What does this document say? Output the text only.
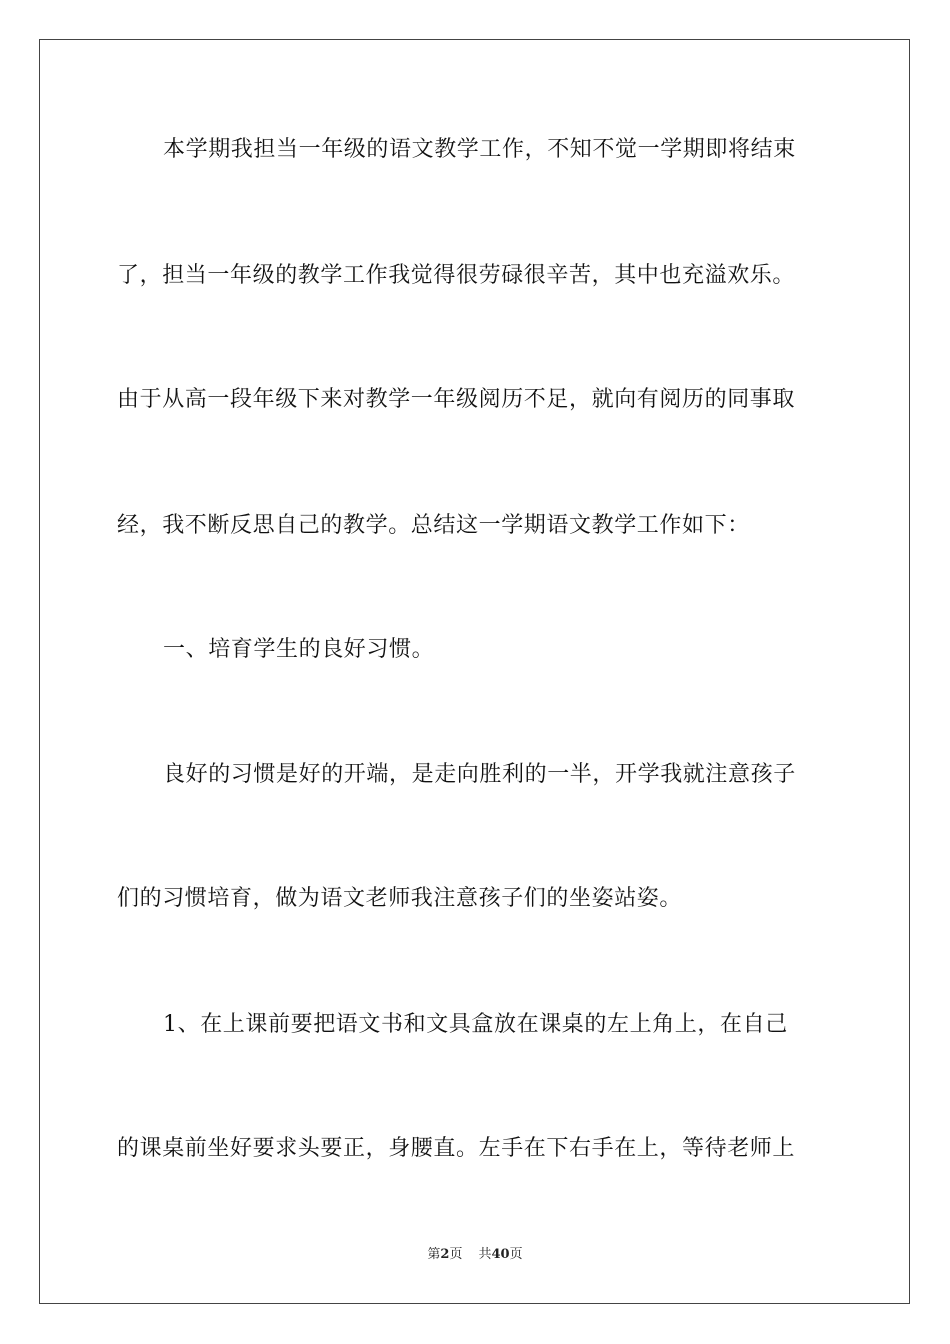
本学期我担当一年级的语文教学工作，不知不觉一学期即将结束
了，担当一年级的教学工作我觉得很劳碌很辛苦，其中也充溢欢乐。
由于从高一段年级下来对教学一年级阅历不足，就向有阅历的同事取
经，我不断反思自己的教学。总结这一学期语文教学工作如下：
一、培育学生的良好习惯。
良好的习惯是好的开端，是走向胜利的一半，开学我就注意孩子
们的习惯培育，做为语文老师我注意孩子们的坐姿站姿。
1、在上课前要把语文书和文具盒放在课桌的左上角上，在自己
的课桌前坐好要求头要正，身腰直。左手在下右手在上，等待老师上
第2页 共40页
